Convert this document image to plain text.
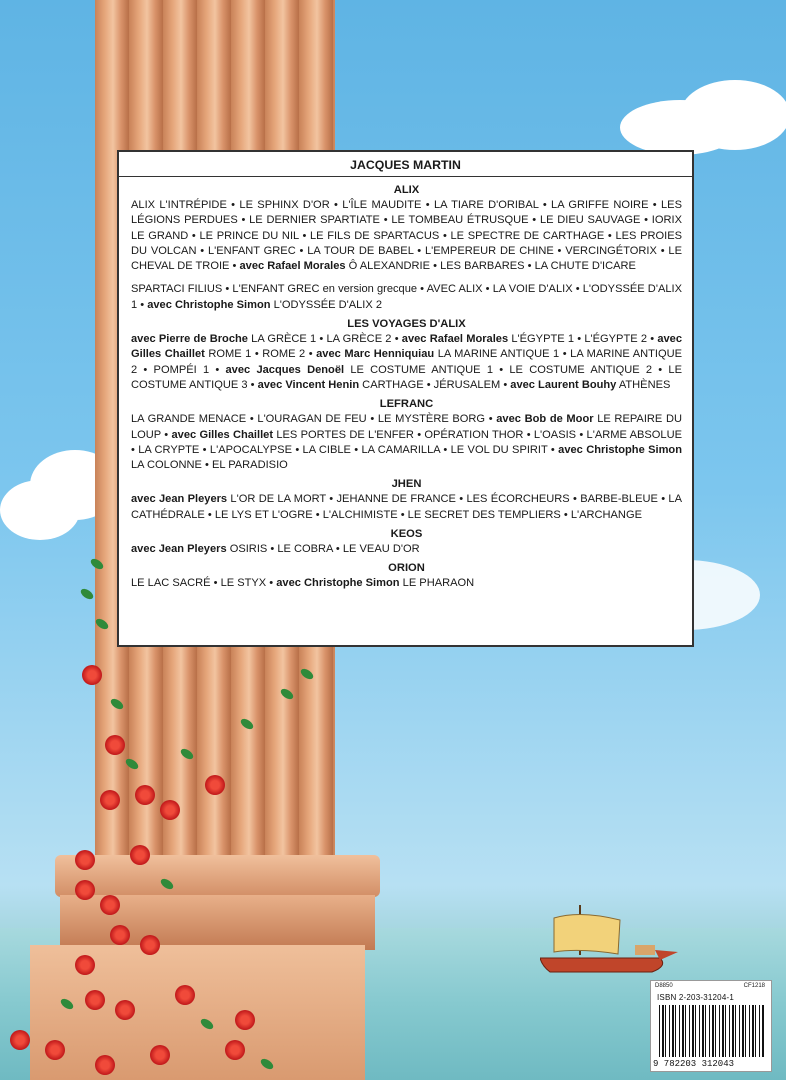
JACQUES MARTIN
ALIX

ALIX L'INTRÉPIDE • LE SPHINX D'OR • L'ÎLE MAUDITE • LA TIARE D'ORIBAL • LA GRIFFE NOIRE • LES LÉGIONS PERDUES • LE DERNIER SPARTIATE • LE TOMBEAU ÉTRUSQUE • LE DIEU SAUVAGE • IORIX LE GRAND • LE PRINCE DU NIL • LE FILS DE SPARTACUS • LE SPECTRE DE CARTHAGE • LES PROIES DU VOLCAN • L'ENFANT GREC • LA TOUR DE BABEL • L'EMPEREUR DE CHINE • VERCINGÉTORIX • LE CHEVAL DE TROIE • avec Rafael Morales Ô ALEXANDRIE • LES BARBARES • LA CHUTE D'ICARE

SPARTACI FILIUS • L'ENFANT GREC en version grecque • AVEC ALIX • LA VOIE D'ALIX • L'ODYSSÉE D'ALIX 1 • avec Christophe Simon L'ODYSSÉE D'ALIX 2

LES VOYAGES D'ALIX

avec Pierre de Broche LA GRÈCE 1 • LA GRÈCE 2 • avec Rafael Morales L'ÉGYPTE 1 • L'ÉGYPTE 2 • avec Gilles Chaillet ROME 1 • ROME 2 • avec Marc Henniquiau LA MARINE ANTIQUE 1 • LA MARINE ANTIQUE 2 • POMPÉI 1 • avec Jacques Denoël LE COSTUME ANTIQUE 1 • LE COSTUME ANTIQUE 2 • LE COSTUME ANTIQUE 3 • avec Vincent Henin CARTHAGE • JÉRUSALEM • avec Laurent Bouhy ATHÈNES

LEFRANC

LA GRANDE MENACE • L'OURAGAN DE FEU • LE MYSTÈRE BORG • avec Bob de Moor LE REPAIRE DU LOUP • avec Gilles Chaillet LES PORTES DE L'ENFER • OPÉRATION THOR • L'OASIS • L'ARME ABSOLUE • LA CRYPTE • L'APOCALYPSE • LA CIBLE • LA CAMARILLA • LE VOL DU SPIRIT • avec Christophe Simon LA COLONNE • EL PARADISIO

JHEN

avec Jean Pleyers L'OR DE LA MORT • JEHANNE DE FRANCE • LES ÉCORCHEURS • BARBE-BLEUE • LA CATHÉDRALE • LE LYS ET L'OGRE • L'ALCHIMISTE • LE SECRET DES TEMPLIERS • L'ARCHANGE

KEOS

avec Jean Pleyers OSIRIS • LE COBRA • LE VEAU D'OR

ORION

LE LAC SACRÉ • LE STYX • avec Christophe Simon LE PHARAON

D8850	CF1218
ISBN 2-203-31204-1
9 782203 312043
